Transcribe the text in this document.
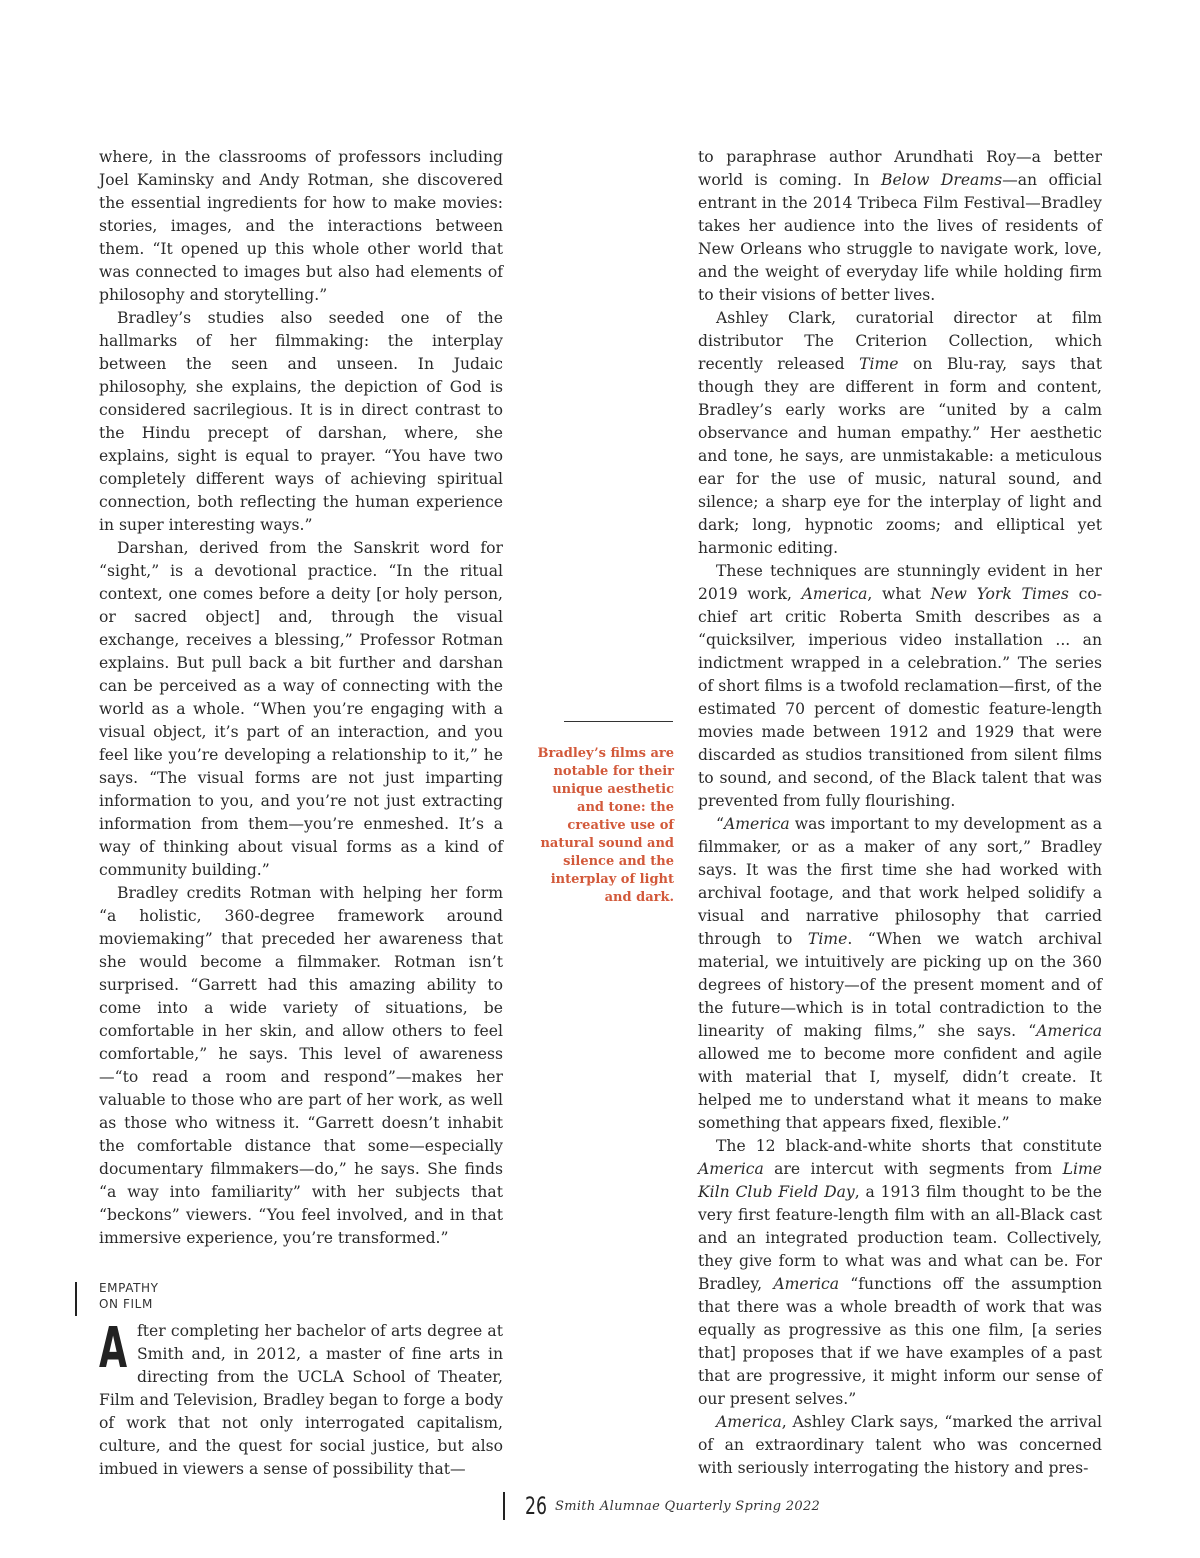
where, in the classrooms of professors including Joel Kaminsky and Andy Rotman, she discovered the essential ingredients for how to make movies: stories, images, and the interactions between them. “It opened up this whole other world that was connected to images but also had elements of philosophy and storytelling.”

Bradley’s studies also seeded one of the hallmarks of her filmmaking: the interplay between the seen and unseen. In Judaic philosophy, she explains, the depiction of God is considered sacrilegious. It is in direct contrast to the Hindu precept of darshan, where, she explains, sight is equal to prayer. “You have two completely different ways of achieving spiritual connection, both reflecting the human experience in super interesting ways.”

Darshan, derived from the Sanskrit word for “sight,” is a devotional practice. “In the ritual context, one comes before a deity [or holy person, or sacred object] and, through the visual exchange, receives a blessing,” Professor Rotman explains. But pull back a bit further and darshan can be perceived as a way of connecting with the world as a whole. “When you’re engaging with a visual object, it’s part of an interaction, and you feel like you’re developing a relationship to it,” he says. “The visual forms are not just imparting information to you, and you’re not just extracting information from them—you’re enmeshed. It’s a way of thinking about visual forms as a kind of community building.”

Bradley credits Rotman with helping her form “a holistic, 360-degree framework around moviemaking” that preceded her awareness that she would become a filmmaker. Rotman isn’t surprised. “Garrett had this amazing ability to come into a wide variety of situations, be comfortable in her skin, and allow others to feel comfortable,” he says. This level of awareness—“to read a room and respond”—makes her valuable to those who are part of her work, as well as those who witness it. “Garrett doesn’t inhabit the comfortable distance that some—especially documentary filmmakers—do,” he says. She finds “a way into familiarity” with her subjects that “beckons” viewers. “You feel involved, and in that immersive experience, you’re transformed.”

EMPATHY
ON FILM

After completing her bachelor of arts degree at Smith and, in 2012, a master of fine arts in directing from the UCLA School of Theater, Film and Television, Bradley began to forge a body of work that not only interrogated capitalism, culture, and the quest for social justice, but also imbued in viewers a sense of possibility that—

Bradley’s films are notable for their unique aesthetic and tone: the creative use of natural sound and silence and the interplay of light and dark.

to paraphrase author Arundhati Roy—a better world is coming. In Below Dreams—an official entrant in the 2014 Tribeca Film Festival—Bradley takes her audience into the lives of residents of New Orleans who struggle to navigate work, love, and the weight of everyday life while holding firm to their visions of better lives.

Ashley Clark, curatorial director at film distributor The Criterion Collection, which recently released Time on Blu-ray, says that though they are different in form and content, Bradley’s early works are “united by a calm observance and human empathy.” Her aesthetic and tone, he says, are unmistakable: a meticulous ear for the use of music, natural sound, and silence; a sharp eye for the interplay of light and dark; long, hypnotic zooms; and elliptical yet harmonic editing.

These techniques are stunningly evident in her 2019 work, America, what New York Times co-chief art critic Roberta Smith describes as a “quicksilver, imperious video installation ... an indictment wrapped in a celebration.” The series of short films is a twofold reclamation—first, of the estimated 70 percent of domestic feature-length movies made between 1912 and 1929 that were discarded as studios transitioned from silent films to sound, and second, of the Black talent that was prevented from fully flourishing.

“America was important to my development as a filmmaker, or as a maker of any sort,” Bradley says. It was the first time she had worked with archival footage, and that work helped solidify a visual and narrative philosophy that carried through to Time. “When we watch archival material, we intuitively are picking up on the 360 degrees of history—of the present moment and of the future—which is in total contradiction to the linearity of making films,” she says. “America allowed me to become more confident and agile with material that I, myself, didn’t create. It helped me to understand what it means to make something that appears fixed, flexible.”

The 12 black-and-white shorts that constitute America are intercut with segments from Lime Kiln Club Field Day, a 1913 film thought to be the very first feature-length film with an all-Black cast and an integrated production team. Collectively, they give form to what was and what can be. For Bradley, America “functions off the assumption that there was a whole breadth of work that was equally as progressive as this one film, [a series that] proposes that if we have examples of a past that are progressive, it might inform our sense of our present selves.”

America, Ashley Clark says, “marked the arrival of an extraordinary talent who was concerned with seriously interrogating the history and pres-

26 Smith Alumnae Quarterly Spring 2022
